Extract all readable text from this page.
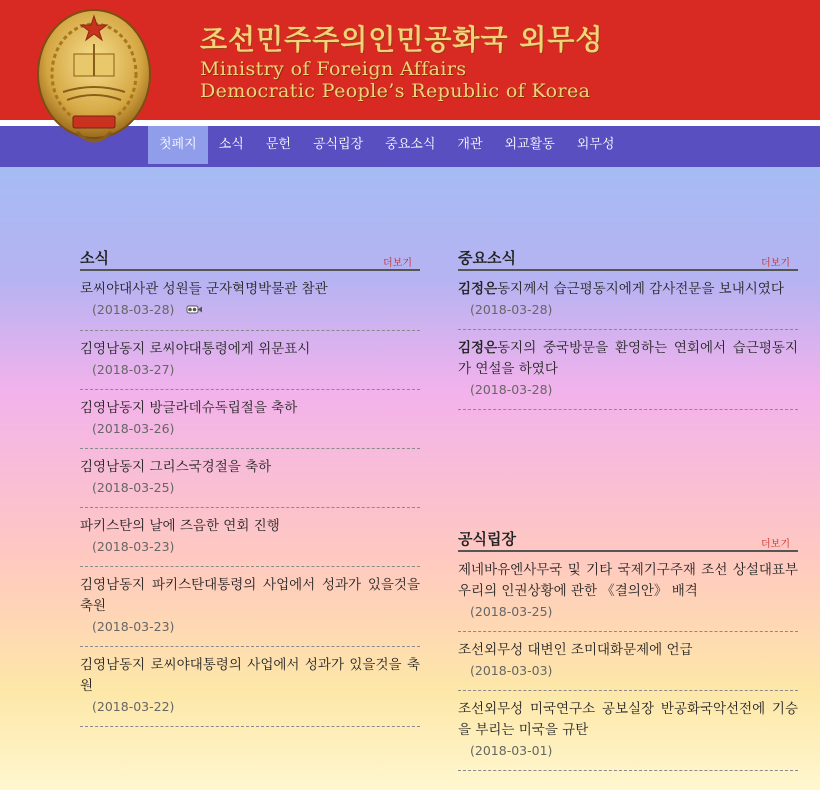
조선민주주의인민공화국 외무성
Ministry of Foreign Affairs
Democratic People’s Republic of Korea
첫페지	소식	문헌	공식립장	중요소식	개관	외교활동	외무성
소식	더보기
로씨야대사관 성원들 군자혁명박물관 참관
(2018-03-28)
김영남동지 로씨야대통령에게 위문표시
(2018-03-27)
김영남동지 방글라데슈독립절을 축하
(2018-03-26)
김영남동지 그리스국경절을 축하
(2018-03-25)
파키스탄의 날에 즈음한 연회 진행
(2018-03-23)
김영남동지 파키스탄대통령의 사업에서 성과가 있을것을 축원
(2018-03-23)
김영남동지 로씨야대통령의 사업에서 성과가 있을것을 축원
(2018-03-22)
중요소식	더보기
김정은동지께서 습근평동지에게 감사전문을 보내시였다
(2018-03-28)
김정은동지의 중국방문을 환영하는 연회에서 습근평동지가 연설을 하였다
(2018-03-28)
공식립장	더보기
제네바유엔사무국 및 기타 국제기구주재 조선 상설대표부 우리의 인권상황에 관한 《결의안》 배격
(2018-03-25)
조선외무성 대변인 조미대화문제에 언급
(2018-03-03)
조선외무성 미국연구소 공보실장 반공화국악선전에 기승을 부리는 미국을 규탄
(2018-03-01)
